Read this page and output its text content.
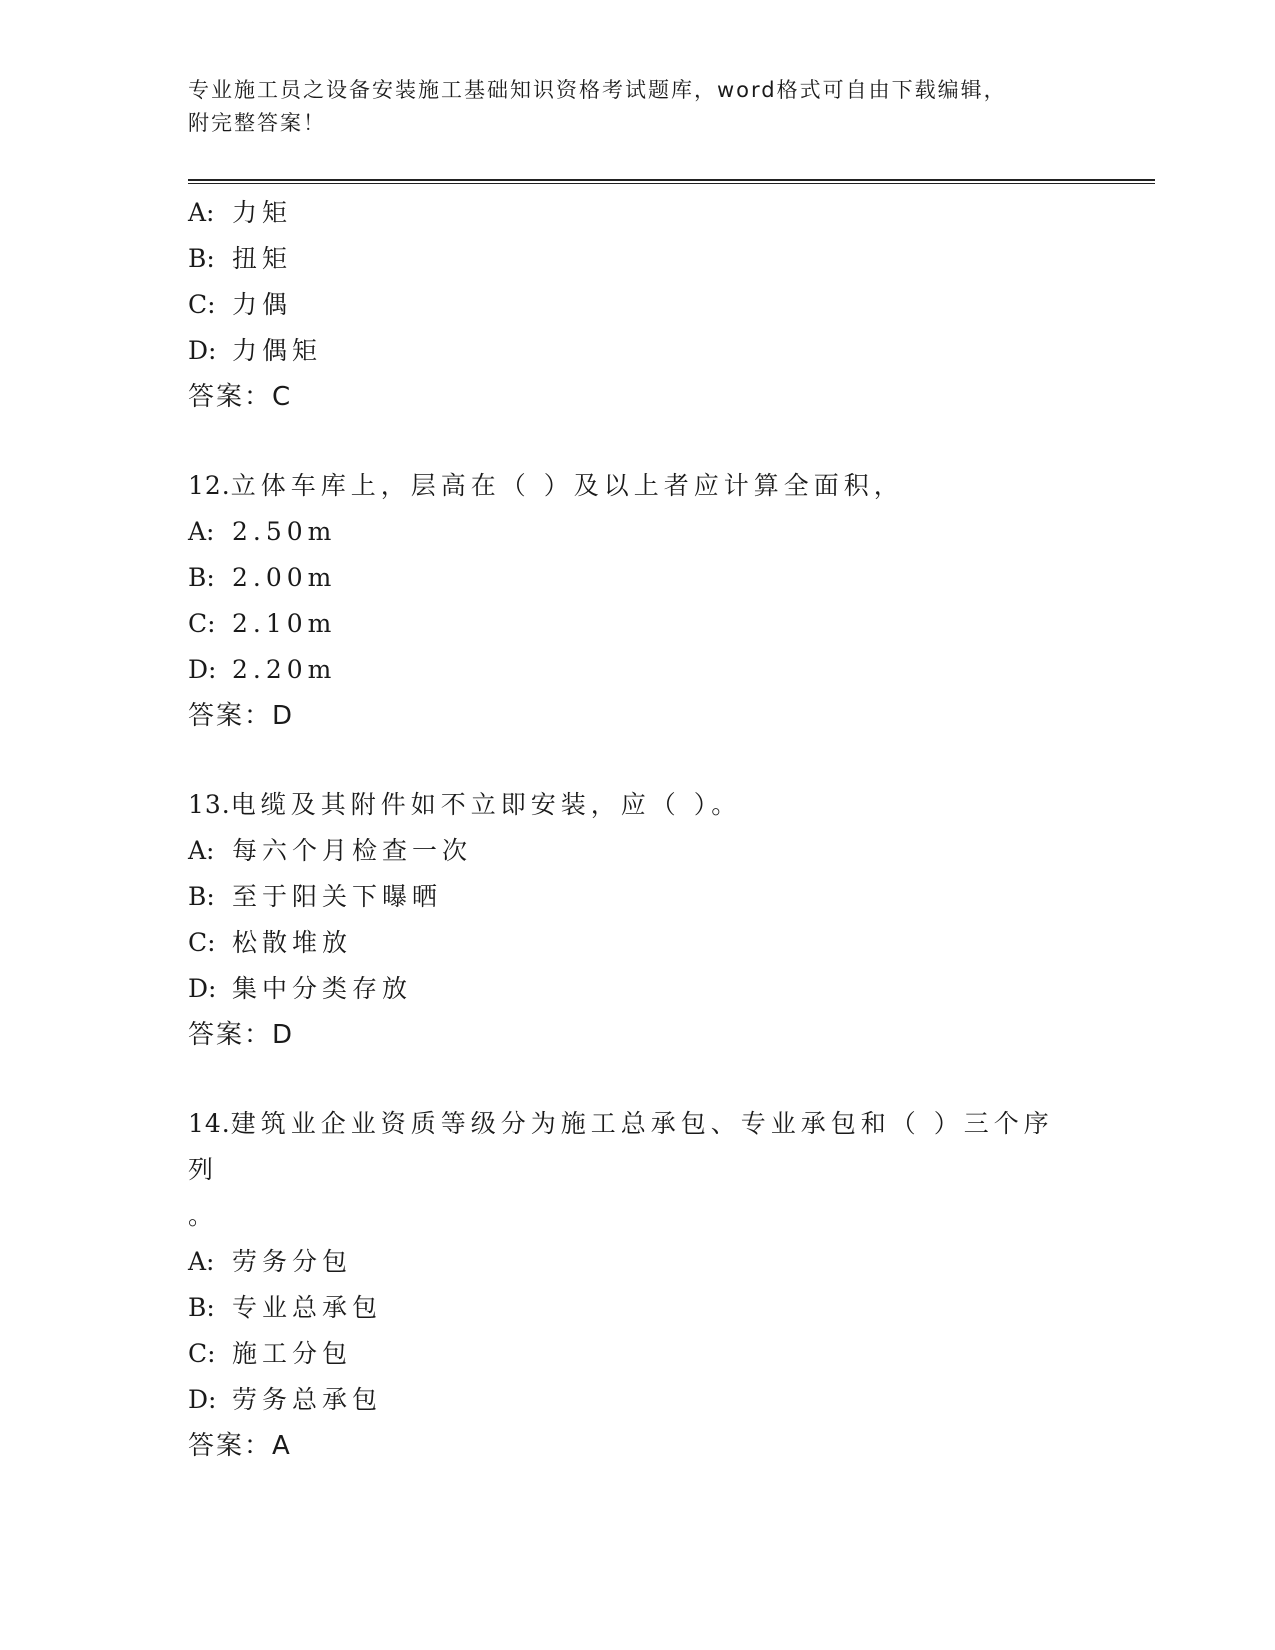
专业施工员之设备安装施工基础知识资格考试题库，word格式可自由下载编辑，
附完整答案！
A: 力矩
B: 扭矩
C: 力偶
D: 力偶矩
答案：C
12.立体车库上，层高在（ ）及以上者应计算全面积，
A: 2.50m
B: 2.00m
C: 2.10m
D: 2.20m
答案：D
13.电缆及其附件如不立即安装，应（ ）。
A: 每六个月检查一次
B: 至于阳关下曝晒
C: 松散堆放
D: 集中分类存放
答案：D
14.建筑业企业资质等级分为施工总承包、专业承包和（ ）三个序列
。
A: 劳务分包
B: 专业总承包
C: 施工分包
D: 劳务总承包
答案：A
